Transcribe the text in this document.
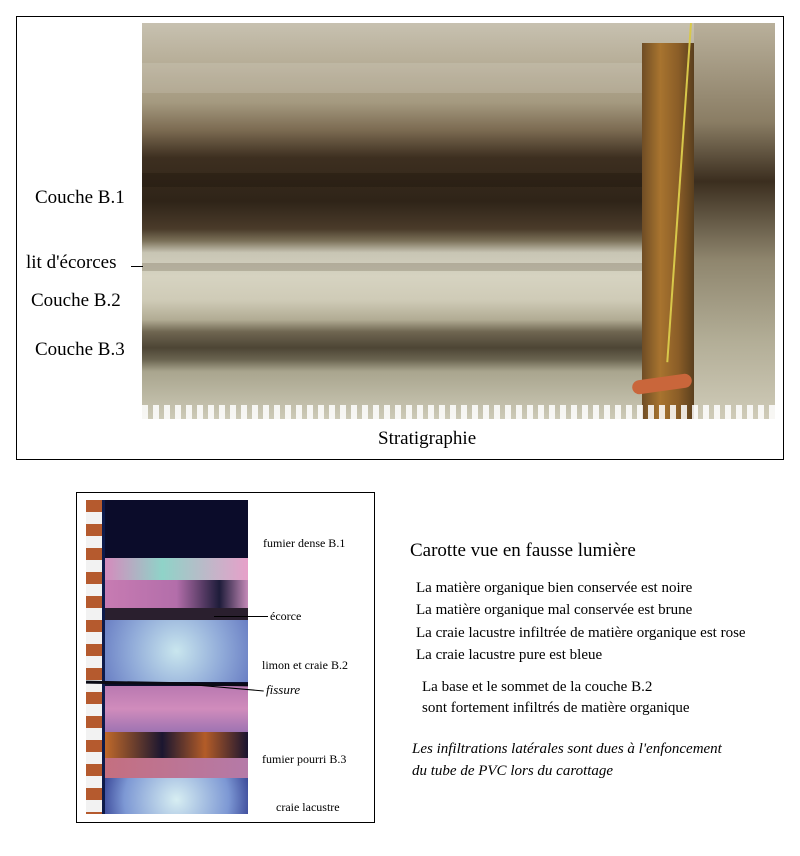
Couche B.1
lit d'écorces
Couche B.2
Couche B.3
Stratigraphie
fumier dense B.1
écorce
limon et craie B.2
fissure
fumier pourri B.3
craie lacustre
Carotte vue en fausse lumière
La matière organique bien conservée est noire
La matière organique mal conservée est brune
La craie lacustre infiltrée de matière organique est rose
La craie lacustre pure est bleue
La base et le sommet de la couche B.2
sont fortement infiltrés de matière organique
Les infiltrations latérales sont dues à l'enfoncement
du tube de PVC lors du carottage
